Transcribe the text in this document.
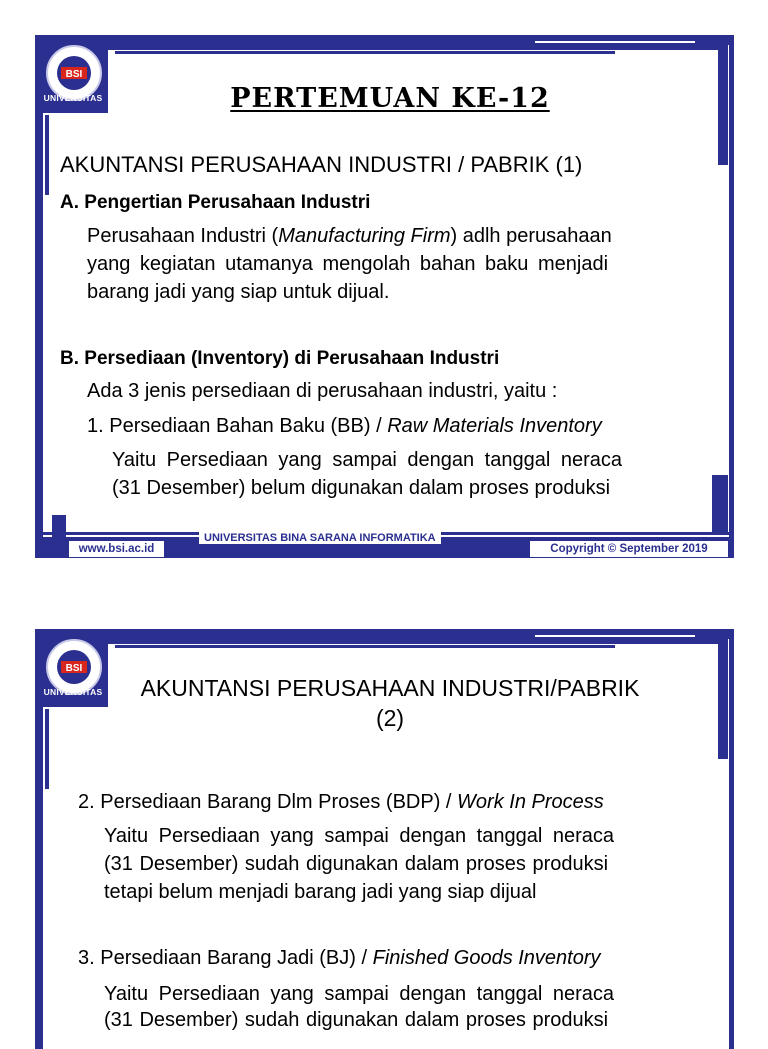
BSI
UNIVERSITAS	PERTEMUAN KE-12
AKUNTANSI PERUSAHAAN INDUSTRI / PABRIK (1)
A. Pengertian Perusahaan Industri
Perusahaan Industri (Manufacturing Firm) adlh perusahaan
yang kegiatan utamanya mengolah bahan baku menjadi
barang jadi yang siap untuk dijual.
B. Persediaan (Inventory) di Perusahaan Industri
Ada 3 jenis persediaan di perusahaan industri, yaitu :
1. Persediaan Bahan Baku (BB) / Raw Materials Inventory
Yaitu Persediaan yang sampai dengan tanggal neraca
(31 Desember) belum digunakan dalam proses produksi
www.bsi.ac.id
UNIVERSITAS BINA SARANA INFORMATIKA
Copyright © September 2019
BSI
UNIVERSITAS	AKUNTANSI PERUSAHAAN INDUSTRI/PABRIK
(2)
2. Persediaan Barang Dlm Proses (BDP) / Work In Process
Yaitu Persediaan yang sampai dengan tanggal neraca
(31 Desember) sudah digunakan dalam proses produksi
tetapi belum menjadi barang jadi yang siap dijual
3. Persediaan Barang Jadi (BJ) / Finished Goods Inventory
Yaitu Persediaan yang sampai dengan tanggal neraca
(31 Desember) sudah digunakan dalam proses produksi
